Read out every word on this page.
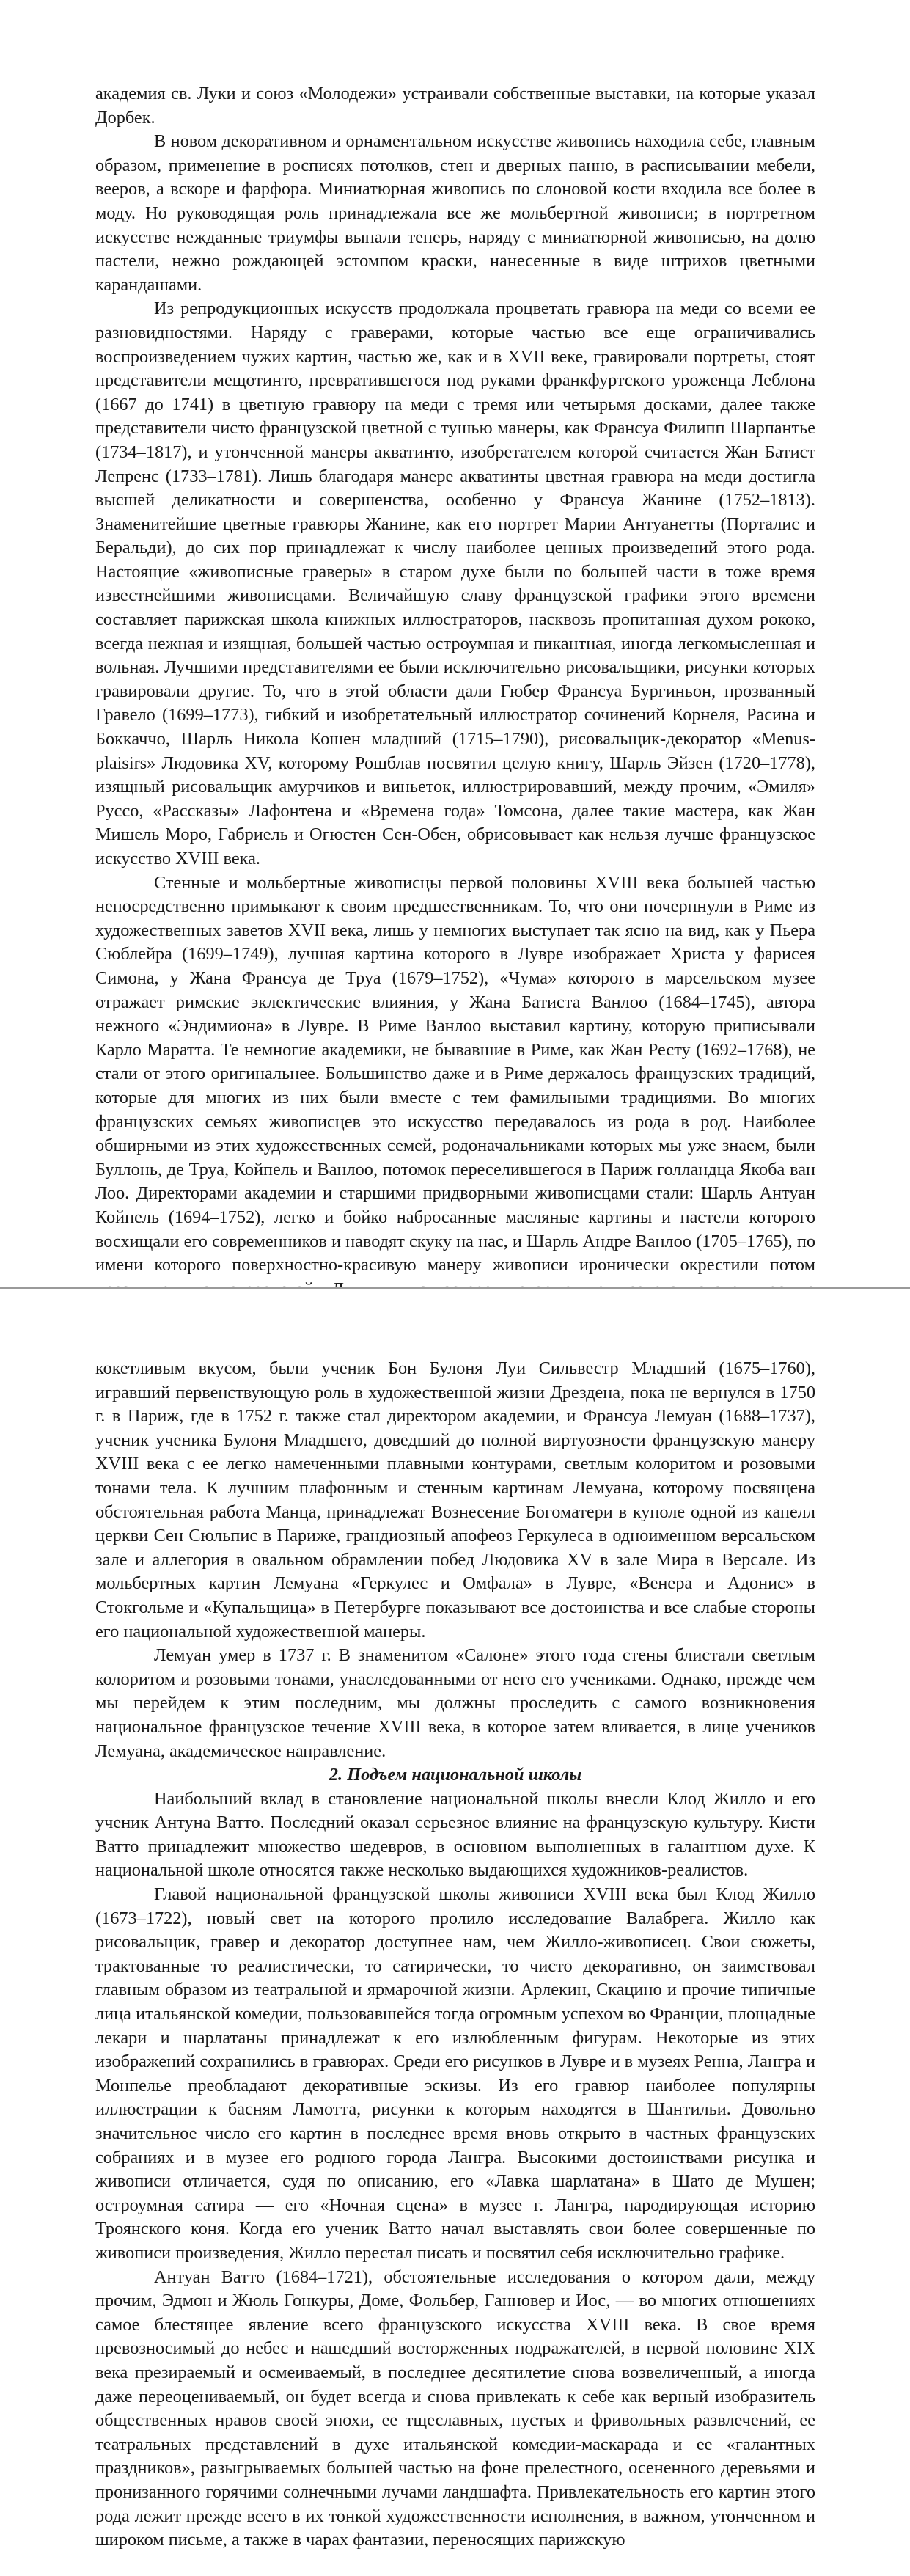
академия св. Луки и союз «Молодежи» устраивали собственные выставки, на которые указал Дорбек.

В новом декоративном и орнаментальном искусстве живопись находила себе, главным образом, применение в росписях потолков, стен и дверных панно, в расписывании мебели, вееров, а вскоре и фарфора. Миниатюрная живопись по слоновой кости входила все более в моду. Но руководящая роль принадлежала все же мольбертной живописи; в портретном искусстве нежданные триумфы выпали теперь, наряду с миниатюрной живописью, на долю пастели, нежно рождающей эстомпом краски, нанесенные в виде штрихов цветными карандашами.

Из репродукционных искусств продолжала процветать гравюра на меди со всеми ее разновидностями. Наряду с граверами, которые частью все еще ограничивались воспроизведением чужих картин, частью же, как и в XVII веке, гравировали портреты, стоят представители мещотинто, превратившегося под руками франкфуртского уроженца Леблона (1667 до 1741) в цветную гравюру на меди с тремя или четырьмя досками, далее также представители чисто французской цветной с тушью манеры, как Франсуа Филипп Шарпантье (1734–1817), и утонченной манеры акватинто, изобретателем которой считается Жан Батист Лепренс (1733–1781). Лишь благодаря манере акватинты цветная гравюра на меди достигла высшей деликатности и совершенства, особенно у Франсуа Жанине (1752–1813). Знаменитейшие цветные гравюры Жанине, как его портрет Марии Антуанетты (Порталис и Беральди), до сих пор принадлежат к числу наиболее ценных произведений этого рода. Настоящие «живописные граверы» в старом духе были по большей части в тоже время известнейшими живописцами. Величайшую славу французской графики этого времени составляет парижская школа книжных иллюстраторов, насквозь пропитанная духом рококо, всегда нежная и изящная, большей частью остроумная и пикантная, иногда легкомысленная и вольная. Лучшими представителями ее были исключительно рисовальщики, рисунки которых гравировали другие. То, что в этой области дали Гюбер Франсуа Бургиньон, прозванный Гравело (1699–1773), гибкий и изобретательный иллюстратор сочинений Корнеля, Расина и Боккаччо, Шарль Никола Кошен младший (1715–1790), рисовальщик-декоратор «Menus-plaisirs» Людовика XV, которому Рошблав посвятил целую книгу, Шарль Эйзен (1720–1778), изящный рисовальщик амурчиков и виньеток, иллюстрировавший, между прочим, «Эмиля» Руссо, «Рассказы» Лафонтена и «Времена года» Томсона, далее такие мастера, как Жан Мишель Моро, Габриель и Огюстен Сен-Обен, обрисовывает как нельзя лучше французское искусство XVIII века.

Стенные и мольбертные живописцы первой половины XVIII века большей частью непосредственно примыкают к своим предшественникам. То, что они почерпнули в Риме из художественных заветов XVII века, лишь у немногих выступает так ясно на вид, как у Пьера Сюблейра (1699–1749), лучшая картина которого в Лувре изображает Христа у фарисея Симона, у Жана Франсуа де Труа (1679–1752), «Чума» которого в марсельском музее отражает римские эклектические влияния, у Жана Батиста Ванлоо (1684–1745), автора нежного «Эндимиона» в Лувре. В Риме Ванлоо выставил картину, которую приписывали Карло Маратта. Те немногие академики, не бывавшие в Риме, как Жан Ресту (1692–1768), не стали от этого оригинальнее. Большинство даже и в Риме держалось французских традиций, которые для многих из них были вместе с тем фамильными традициями. Во многих французских семьях живописцев это искусство передавалось из рода в род. Наиболее обширными из этих художественных семей, родоначальниками которых мы уже знаем, были Буллонь, де Труа, Койпель и Ванлоо, потомок переселившегося в Париж голландца Якоба ван Лоо. Директорами академии и старшими придворными живописцами стали: Шарль Антуан Койпель (1694–1752), легко и бойко набросанные масляные картины и пастели которого восхищали его современников и наводят скуку на нас, и Шарль Андре Ванлоо (1705–1765), по имени которого поверхностно-красивую манеру живописи иронически окрестили потом

кокетливым вкусом, были ученик Бон Булоня Луи Сильвестр Младший (1675–1760), игравший первенствующую роль в художественной жизни Дрездена, пока не вернулся в 1750 г. в Париж, где в 1752 г. также стал директором академии, и Франсуа Лемуан (1688–1737), ученик ученика Булоня Младшего, доведший до полной виртуозности французскую манеру XVIII века с ее легко намеченными плавными контурами, светлым колоритом и розовыми тонами тела. К лучшим плафонным и стенным картинам Лемуана, которому посвящена обстоятельная работа Манца, принадлежат Вознесение Богоматери в куполе одной из капелл церкви Сен Сюльпис в Париже, грандиозный апофеоз Геркулеса в одноименном версальском зале и аллегория в овальном обрамлении побед Людовика XV в зале Мира в Версале. Из мольбертных картин Лемуана «Геркулес и Омфала» в Лувре, «Венера и Адонис» в Стокгольме и «Купальщица» в Петербурге показывают все достоинства и все слабые стороны его национальной художественной манеры.

Лемуан умер в 1737 г. В знаменитом «Салоне» этого года стены блистали светлым колоритом и розовыми тонами, унаследованными от него его учениками. Однако, прежде чем мы перейдем к этим последним, мы должны проследить с самого возникновения национальное французское течение XVIII века, в которое затем вливается, в лице учеников Лемуана, академическое направление.

2. Подъем национальной школы

Наибольший вклад в становление национальной школы внесли Клод Жилло и его ученик Антуна Ватто. Последний оказал серьезное влияние на французскую культуру. Кисти Ватто принадлежит множество шедевров, в основном выполненных в галантном духе. К национальной школе относятся также несколько выдающихся художников-реалистов.

Главой национальной французской школы живописи XVIII века был Клод Жилло (1673–1722), новый свет на которого пролило исследование Валабрега. Жилло как рисовальщик, гравер и декоратор доступнее нам, чем Жилло-живописец. Свои сюжеты, трактованные то реалистически, то сатирически, то чисто декоративно, он заимствовал главным образом из театральной и ярмарочной жизни. Арлекин, Скацино и прочие типичные лица итальянской комедии, пользовавшейся тогда огромным успехом во Франции, площадные лекари и шарлатаны принадлежат к его излюбленным фигурам. Некоторые из этих изображений сохранились в гравюрах. Среди его рисунков в Лувре и в музеях Ренна, Лангра и Монпелье преобладают декоративные эскизы. Из его гравюр наиболее популярны иллюстрации к басням Ламотта, рисунки к которым находятся в Шантильи. Довольно значительное число его картин в последнее время вновь открыто в частных французских собраниях и в музее его родного города Лангра. Высокими достоинствами рисунка и живописи отличается, судя по описанию, его «Лавка шарлатана» в Шато де Мушен; остроумная сатира — его «Ночная сцена» в музее г. Лангра, пародирующая историю Троянского коня. Когда его ученик Ватто начал выставлять свои более совершенные по живописи произведения, Жилло перестал писать и посвятил себя исключительно графике.

Антуан Ватто (1684–1721), обстоятельные исследования о котором дали, между прочим, Эдмон и Жюль Гонкуры, Доме, Фольбер, Ганновер и Иос, — во многих отношениях самое блестящее явление всего французского искусства XVIII века. В свое время превозносимый до небес и нашедший восторженных подражателей, в первой половине XIX века презираемый и осмеиваемый, в последнее десятилетие снова возвеличенный, а иногда даже переоцениваемый, он будет всегда и снова привлекать к себе как верный изобразитель общественных нравов своей эпохи, ее тщеславных, пустых и фривольных развлечений, ее театральных представлений в духе итальянской комедии-маскарада и ее «галантных праздников», разыгрываемых большей частью на фоне прелестного, осененного деревьями и пронизанного горячими солнечными лучами ландшафта. Привлекательность его картин этого рода лежит прежде всего в их тонкой художественности исполнения, в важном, утонченном и широком письме, а также в чарах фантазии, переносящих парижскую
